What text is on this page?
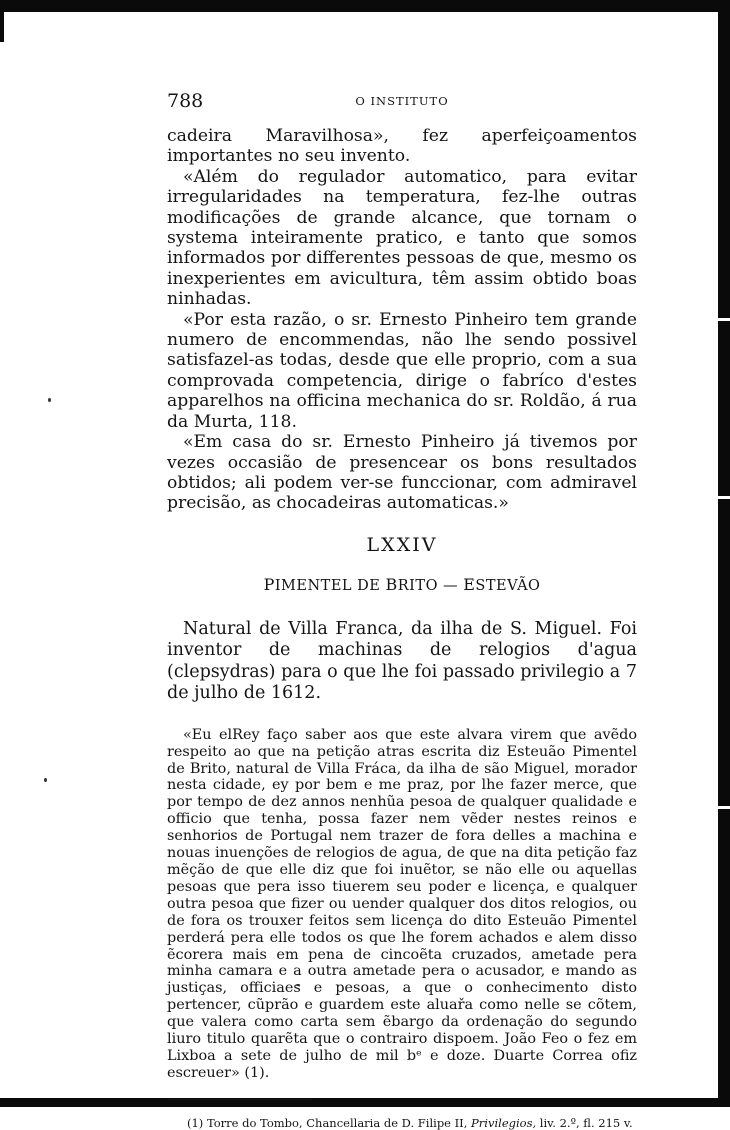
788	O INSTITUTO

cadeira Maravilhosa», fez aperfeiçoamentos importantes no seu invento.

«Além do regulador automatico, para evitar irregularidades na temperatura, fez-lhe outras modificações de grande alcance, que tornam o systema inteiramente pratico, e tanto que somos informados por differentes pessoas de que, mesmo os inexperientes em avicultura, têm assim obtido boas ninhadas.

«Por esta razão, o sr. Ernesto Pinheiro tem grande numero de encommendas, não lhe sendo possivel satisfazel-as todas, desde que elle proprio, com a sua comprovada competencia, dirige o fabríco d'estes apparelhos na officina mechanica do sr. Roldão, á rua da Murta, 118.

«Em casa do sr. Ernesto Pinheiro já tivemos por vezes occasião de presencear os bons resultados obtidos; ali podem ver-se funccionar, com admiravel precisão, as chocadeiras automaticas.»

LXXIV
PIMENTEL DE BRITO — ESTEVÃO

Natural de Villa Franca, da ilha de S. Miguel. Foi inventor de machinas de relogios d'agua (clepsydras) para o que lhe foi passado privilegio a 7 de julho de 1612.

«Eu elRey faço saber aos que este alvara virem que avẽdo respeito ao que na petição atras escrita diz Esteuão Pimentel de Brito, natural de Villa Fráca, da ilha de são Miguel, morador nesta cidade, ey por bem e me praz, por lhe fazer merce, que por tempo de dez annos nenhũa pesoa de qualquer qualidade e officio que tenha, possa fazer nem vẽder nestes reinos e senhorios de Portugal nem trazer de fora delles a machina e nouas inuenções de relogios de agua, de que na dita petição faz mẽção de que elle diz que foi inuẽtor, se não elle ou aquellas pesoas que pera isso tiuerem seu poder e licença, e qualquer outra pesoa que fizer ou uender qualquer dos ditos relogios, ou de fora os trouxer feitos sem licença do dito Esteuão Pimentel perderá pera elle todos os que lhe forem achados e alem disso ẽcorera mais em pena de cincoẽta cruzados, ametade pera minha camara e a outra ametade pera o acusador, e mando as justiças, officiaes e pesoas, a que o conhecimento disto pertencer, cũprão e guardem este aluařa como nelle se cõtem, que valera como carta sem ẽbargo da ordenação do segundo liuro titulo quarẽta que o contrairo dispoem. João Feo o fez em Lixboa a sete de julho de mil bᵉ e doze. Duarte Correa ofiz escreuer» (1).

(1) Torre do Tombo, Chancellaria de D. Filipe II, Privilegios, liv. 2.º, fl. 215 v.
